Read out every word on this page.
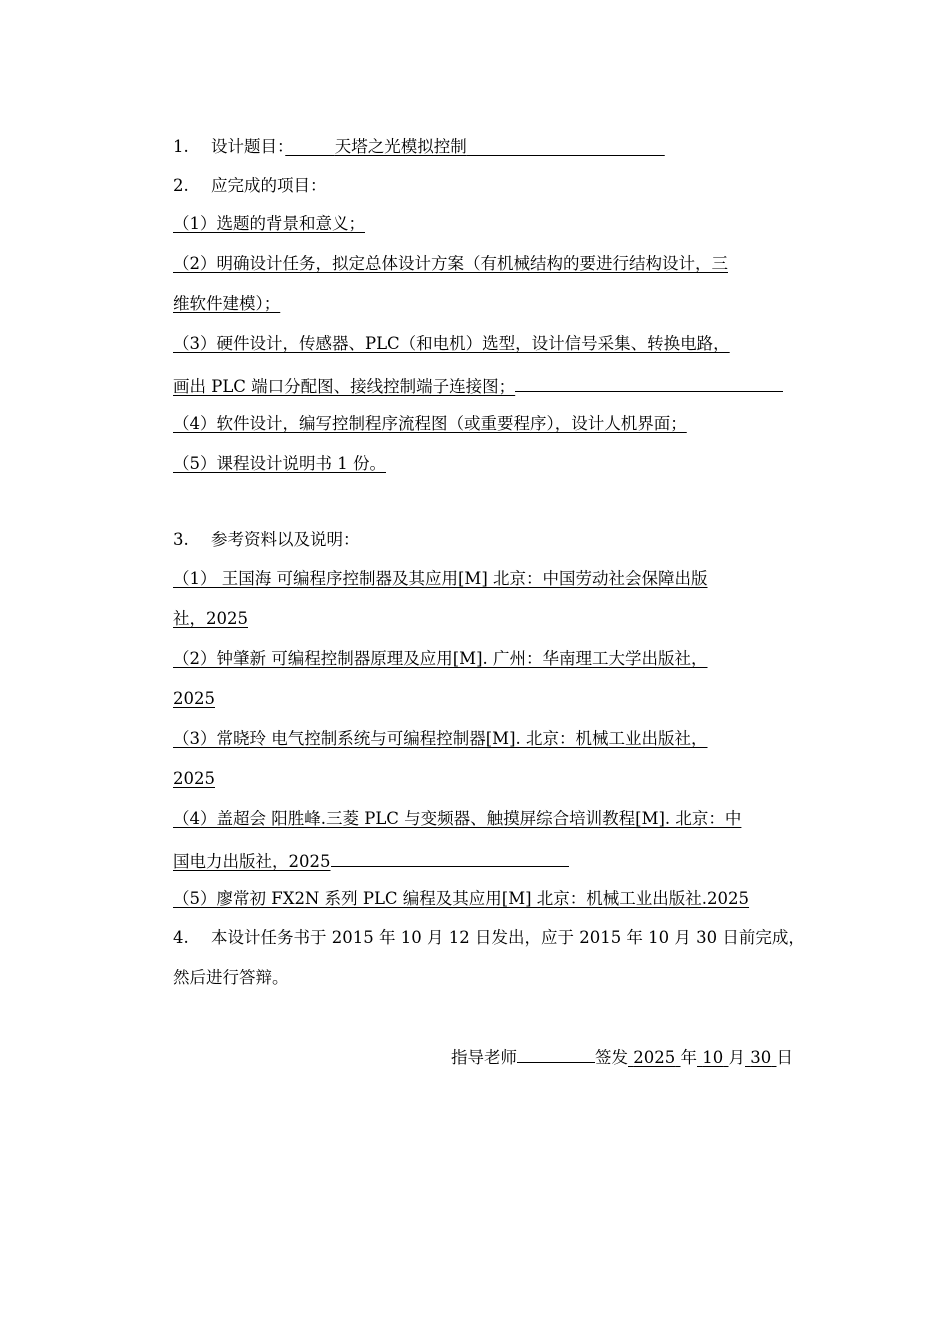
1. 设计题目：　　　	天塔之光模拟控制　　　　　　　　　　　　
2. 应完成的项目：
（1）选题的背景和意义；
（2）明确设计任务，拟定总体设计方案（有机械结构的要进行结构设计，三
维软件建模）；
（3）硬件设计，传感器、PLC（和电机）选型，设计信号采集、转换电路，
画出 PLC 端口分配图、接线控制端子连接图；
（4）软件设计，编写控制程序流程图（或重要程序），设计人机界面；
（5）课程设计说明书 1 份。
3. 参考资料以及说明：
（1） 王国海 可编程序控制器及其应用[M] 北京：中国劳动社会保障出版
社，2025
（2）钟肇新 可编程控制器原理及应用[M]. 广州：华南理工大学出版社，
2025
（3）常晓玲 电气控制系统与可编程控制器[M]. 北京：机械工业出版社，
2025
（4）盖超会 阳胜峰.三菱 PLC 与变频器、触摸屏综合培训教程[M]. 北京：中
国电力出版社，2025
（5）廖常初 FX2N 系列 PLC 编程及其应用[M] 北京：机械工业出版社.2025
4. 本设计任务书于 2015 年 10 月 12 日发出，应于 2015 年 10 月 30 日前完成，
然后进行答辩。
指导老师	签发 2025 年 10 月 30 日
